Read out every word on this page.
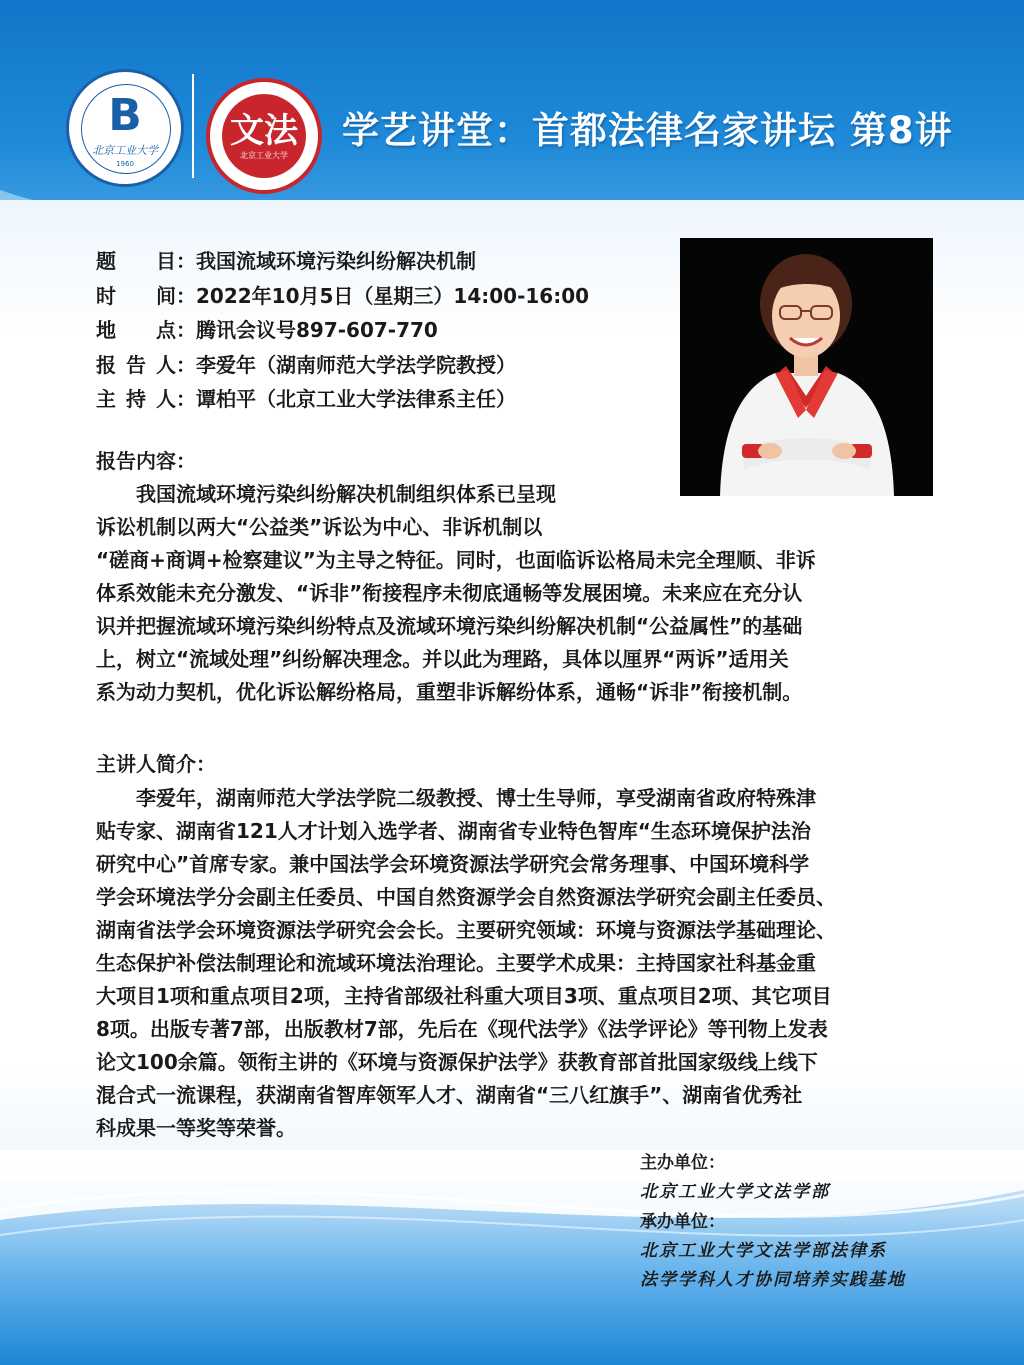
B
北京工业大学
1960
文法
北京工业大学
学艺讲堂：首都法律名家讲坛 第8讲
题目：我国流域环境污染纠纷解决机制
时间：2022年10月5日（星期三）14:00-16:00
地点：腾讯会议号897-607-770
报告人：李爱年（湖南师范大学法学院教授）
主持人：谭柏平（北京工业大学法律系主任）
报告内容：

　　我国流域环境污染纠纷解决机制组织体系已呈现

诉讼机制以两大“公益类”诉讼为中心、非诉机制以

“磋商+商调+检察建议”为主导之特征。同时，也面临诉讼格局未完全理顺、非诉

体系效能未充分激发、“诉非”衔接程序未彻底通畅等发展困境。未来应在充分认

识并把握流域环境污染纠纷特点及流域环境污染纠纷解决机制“公益属性”的基础

上，树立“流域处理”纠纷解决理念。并以此为理路，具体以厘界“两诉”适用关

系为动力契机，优化诉讼解纷格局，重塑非诉解纷体系，通畅“诉非”衔接机制。

主讲人简介：

　　李爱年，湖南师范大学法学院二级教授、博士生导师，享受湖南省政府特殊津

贴专家、湖南省121人才计划入选学者、湖南省专业特色智库“生态环境保护法治

研究中心”首席专家。兼中国法学会环境资源法学研究会常务理事、中国环境科学

学会环境法学分会副主任委员、中国自然资源学会自然资源法学研究会副主任委员、

湖南省法学会环境资源法学研究会会长。主要研究领域：环境与资源法学基础理论、

生态保护补偿法制理论和流域环境法治理论。主要学术成果：主持国家社科基金重

大项目1项和重点项目2项，主持省部级社科重大项目3项、重点项目2项、其它项目

8项。出版专著7部，出版教材7部，先后在《现代法学》《法学评论》等刊物上发表

论文100余篇。领衔主讲的《环境与资源保护法学》获教育部首批国家级线上线下

混合式一流课程，获湖南省智库领军人才、湖南省“三八红旗手”、湖南省优秀社

科成果一等奖等荣誉。

主办单位：

北京工业大学文法学部

承办单位：

北京工业大学文法学部法律系

法学学科人才协同培养实践基地
